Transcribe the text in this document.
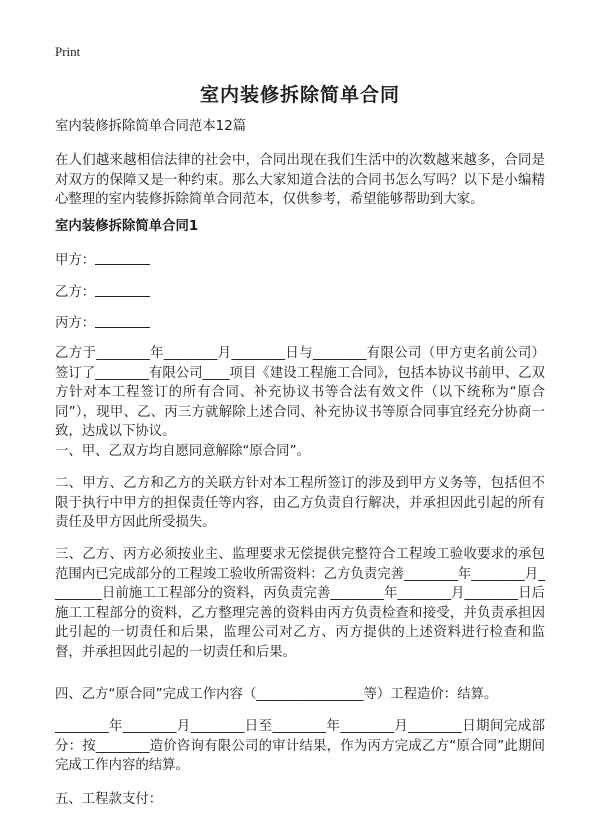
Print
室内装修拆除简单合同
室内装修拆除简单合同范本12篇
在人们越来越相信法律的社会中，合同出现在我们生活中的次数越来越多，合同是对双方的保障又是一种约束。那么大家知道合法的合同书怎么写吗？以下是小编精心整理的室内装修拆除简单合同范本，仅供参考，希望能够帮助到大家。
室内装修拆除简单合同1
甲方：
乙方：
丙方：
乙方于________年________月________日与________有限公司（甲方吏名前公司）签订了________有限公司____项目《建设工程施工合同》，包括本协议书前甲、乙双方针对本工程签订的所有合同、补充协议书等合法有效文件（以下统称为“原合同”），现甲、乙、丙三方就解除上述合同、补充协议书等原合同事宜经充分协商一致，达成以下协议。
一、甲、乙双方均自愿同意解除“原合同”。
二、甲方、乙方和乙方的关联方针对本工程所签订的涉及到甲方义务等，包括但不限于执行中甲方的担保责任等内容，由乙方负责自行解决，并承担因此引起的所有责任及甲方因此所受损失。
三、乙方、丙方必须按业主、监理要求无偿提供完整符合工程竣工验收要求的承包范围内已完成部分的工程竣工验收所需资料：乙方负责完善________年________月________日前施工工程部分的资料，丙负责完善________年________月________日后施工工程部分的资料，乙方整理完善的资料由丙方负责检查和接受，并负责承担因此引起的一切责任和后果，监理公司对乙方、丙方提供的上述资料进行检查和监督，并承担因此引起的一切责任和后果。
四、乙方“原合同”完成工作内容（________________等）工程造价：结算。
________年________月________日至________年________月________日期间完成部分：按________造价咨询有限公司的审计结果，作为丙方完成乙方“原合同”此期间完成工作内容的结算。
五、工程款支付：
